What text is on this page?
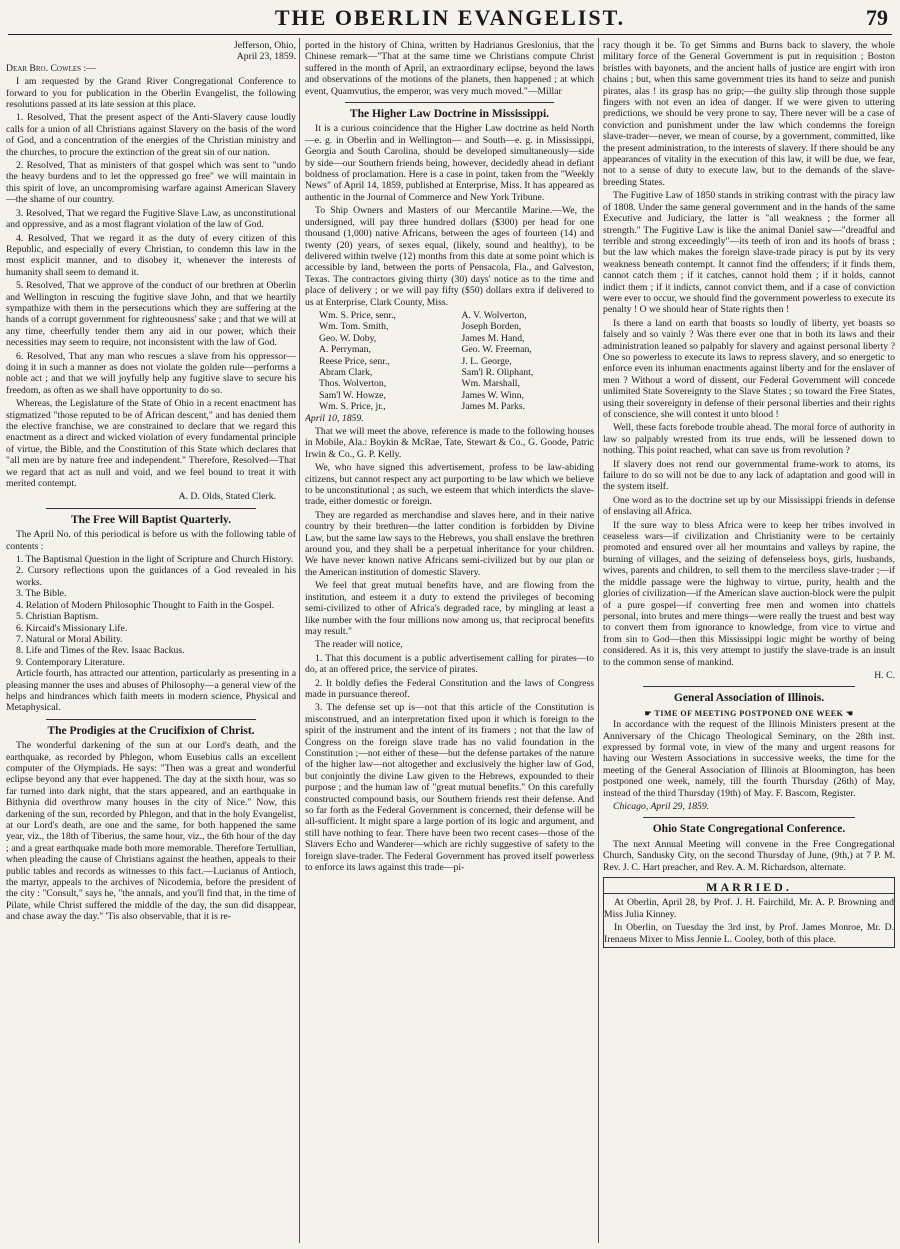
THE OBERLIN EVANGELIST.	79
Jefferson, Ohio,
April 23, 1859.

Dear Bro. Cowles :—

I am requested by the Grand River Congregational Conference to forward to you for publication in the Oberlin Evangelist, the following resolutions passed at its late session at this place.

1. Resolved, That the present aspect of the Anti-Slavery cause loudly calls for a union of all Christians against Slavery on the basis of the word of God, and a concentration of the energies of the Christian ministry and the churches, to procure the extinction of the great sin of our nation.

2. Resolved, That as ministers of that gospel which was sent to "undo the heavy burdens and to let the oppressed go free" we will maintain in this spirit of love, an uncompromising warfare against American Slavery—the shame of our country.

3. Resolved, That we regard the Fugitive Slave Law, as unconstitutional and oppressive, and as a most flagrant violation of the law of God.

4. Resolved, That we regard it as the duty of every citizen of this Republic, and especially of every Christian, to condemn this law in the most explicit manner, and to disobey it, whenever the interests of humanity shall seem to demand it.

5. Resolved, That we approve of the conduct of our brethren at Oberlin and Wellington in rescuing the fugitive slave John, and that we heartily sympathize with them in the persecutions which they are suffering at the hands of a corrupt government for righteousness' sake ; and that we will at any time, cheerfully tender them any aid in our power, which their necessities may seem to require, not inconsistent with the law of God.

6. Resolved, That any man who rescues a slave from his oppressor—doing it in such a manner as does not violate the golden rule—performs a noble act ; and that we will joyfully help any fugitive slave to secure his freedom, as often as we shall have opportunity to do so.

Whereas, the Legislature of the State of Ohio in a recent enactment has stigmatized "those reputed to be of African descent," and has denied them the elective franchise, we are constrained to declare that we regard this enactment as a direct and wicked violation of every fundamental principle of virtue, the Bible, and the Constitution of this State which declares that "all men are by nature free and independent." Therefore, Resolved—That we regard that act as null and void, and we feel bound to treat it with merited contempt.

A. D. Olds, Stated Clerk.
The Free Will Baptist Quarterly.

The April No. of this periodical is before us with the following table of contents :

1. The Baptismal Question in the light of Scripture and Church History.
2. Cursory reflections upon the guidances of a God revealed in his works.
3. The Bible.
4. Relation of Modern Philosophic Thought to Faith in the Gospel.
5. Christian Baptism.
6. Kircaid's Missionary Life.
7. Natural or Moral Ability.
8. Life and Times of the Rev. Isaac Backus.
9. Contemporary Literature.

Article fourth, has attracted our attention, particularly as presenting in a pleasing manner the uses and abuses of Philosophy—a general view of the helps and hindrances which faith meets in modern science, Physical and Metaphysical.

The Prodigies at the Crucifixion of Christ.

The wonderful darkening of the sun at our Lord's death, and the earthquake, as recorded by Phlegon, whom Eusebius calls an excellent computer of the Olympiads. He says: "Then was a great and wonderful eclipse beyond any that ever happened. The day at the sixth hour, was so far turned into dark night, that the stars appeared, and an earthquake in Bithynia did overthrow many houses in the city of Nice." Now, this darkening of the sun, recorded by Phlegon, and that in the holy Evangelist, at our Lord's death, are one and the same, for both happened the same year, viz., the 18th of Tiberius, the same hour, viz., the 6th hour of the day ; and a great earthquake made both more memorable. Therefore Tertullian, when pleading the cause of Christians against the heathen, appeals to their public tables and records as witnesses to this fact.—Lucianus of Antioch, the martyr, appeals to the archives of Nicodemia, before the president of the city : "Consult," says he, "the annals, and you'll find that, in the time of Pilate, while Christ suffered the middle of the day, the sun did disappear, and chase away the day." 'Tis also observable, that it is re-

ported in the history of China, written by Hadrianus Greslonius, that the Chinese remark—"That at the same time we Christians compute Christ suffered in the month of April, an extraordinary eclipse, beyond the laws and observations of the motions of the planets, then happened ; at which event, Quamvutius, the emperor, was very much moved."—Millar

The Higher Law Doctrine in Mississippi.

It is a curious coincidence that the Higher Law doctrine as held North—e. g. in Oberlin and in Wellington— and South—e. g. in Mississippi, Georgia and South Carolina, should be developed simultaneously—side by side—our Southern friends being, however, decidedly ahead in defiant boldness of proclamation. Here is a case in point, taken from the "Weekly News" of April 14, 1859, published at Enterprise, Miss. It has appeared as authentic in the Journal of Commerce and New York Tribune.

To Ship Owners and Masters of our Mercantile Marine.—We, the undersigned, will pay three hundred dollars ($300) per head for one thousand (1,000) native Africans, between the ages of fourteen (14) and twenty (20) years, of sexes equal, (likely, sound and healthy), to be delivered within twelve (12) months from this date at some point which is accessible by land, between the ports of Pensacola, Fla., and Galveston, Texas. The contractors giving thirty (30) days' notice as to the time and place of delivery ; or we will pay fifty ($50) dollars extra if delivered to us at Enterprise, Clark County, Miss.

Wm. S. Price, senr.,
Wm. Tom. Smith,
Geo. W. Doby,
A. Perryman,
Reese Price, senr.,
Abram Clark,
Thos. Wolverton,
Sam'l W. Howze,
Wm. S. Price, jr.,
A. V. Wolverton,
Joseph Borden,
James M. Hand,
Geo. W. Freeman,
J. L. George,
Sam'l R. Oliphant,
Wm. Marshall,
James W. Winn,
James M. Parks.

April 10, 1859.

That we will meet the above, reference is made to the following houses in Mobile, Ala.: Boykin & McRae, Tate, Stewart & Co., G. Goode, Patric Irwin & Co., G. P. Kelly.

We, who have signed this advertisement, profess to be law-abiding citizens, but cannot respect any act purporting to be law which we believe to be unconstitutional ; as such, we esteem that which interdicts the slave-trade, either domestic or foreign.

They are regarded as merchandise and slaves here, and in their native country by their brethren—the latter condition is forbidden by Divine Law, but the same law says to the Hebrews, you shall enslave the brethren around you, and they shall be a perpetual inheritance for your children. We have never known native Africans semi-civilized but by our plan or the American institution of domestic Slavery.

We feel that great mutual benefits have, and are flowing from the institution, and esteem it a duty to extend the privileges of becoming semi-civilized to other of Africa's degraded race, by mingling at least a like number with the four millions now among us, that reciprocal benefits may result."

The reader will notice,

1. That this document is a public advertisement calling for pirates—to do, at an offered price, the service of pirates.

2. It boldly defies the Federal Constitution and the laws of Congress made in pursuance thereof.

3. The defense set up is—not that this article of the Constitution is misconstrued, and an interpretation fixed upon it which is foreign to the spirit of the instrument and the intent of its framers ; not that the law of Congress on the foreign slave trade has no valid foundation in the Constitution ;—not either of these—but the defense partakes of the nature of the higher law—not altogether and exclusively the higher law of God, but conjointly the divine Law given to the Hebrews, expounded to their purpose ; and the human law of "great mutual benefits." On this carefully constructed compound basis, our Southern friends rest their defense. And so far forth as the Federal Government is concerned, their defense will be all-sufficient. It might spare a large portion of its logic and argument, and still have nothing to fear. There have been two recent cases—those of the Slavers Echo and Wanderer—which are richly suggestive of safety to the foreign slave-trader. The Federal Government has proved itself powerless to enforce its laws against this trade—pi-

racy though it be. To get Simms and Burns back to slavery, the whole military force of the General Government is put in requisition ; Boston bristles with bayonets, and the ancient halls of justice are engirt with iron chains ; but, when this same government tries its hand to seize and punish pirates, alas ! its grasp has no grip;—the guilty slip through those supple fingers with not even an idea of danger. If we were given to uttering predictions, we should be very prone to say, There never will be a case of conviction and punishment under the law which condemns the foreign slave-trader—never, we mean of course, by a government, committed, like the present administration, to the interests of slavery. If there should be any appearances of vitality in the execution of this law, it will be due, we fear, not to a sense of duty to execute law, but to the demands of the slave-breeding States.

The Fugitive Law of 1850 stands in striking contrast with the piracy law of 1808. Under the same general government and in the hands of the same Executive and Judiciary, the latter is "all weakness ; the former all strength." The Fugitive Law is like the animal Daniel saw—"dreadful and terrible and strong exceedingly"—its teeth of iron and its hoofs of brass ; but the law which makes the foreign slave-trade piracy is put by its very weakness beneath contempt. It cannot find the offenders; if it finds them, cannot catch them ; if it catches, cannot hold them ; if it holds, cannot indict them ; if it indicts, cannot convict them, and if a case of conviction were ever to occur, we should find the government powerless to execute its penalty ! O we should hear of State rights then !

Is there a land on earth that boasts so loudly of liberty, yet boasts so falsely and so vainly ? Was there ever one that in both its laws and their administration leaned so palpably for slavery and against personal liberty ? One so powerless to execute its laws to repress slavery, and so energetic to enforce even its inhuman enactments against liberty and for the enslaver of men ? Without a word of dissent, our Federal Government will concede unlimited State Sovereignty to the Slave States ; so toward the Free States, using their sovereignty in defense of their personal liberties and their rights of conscience, she will contest it unto blood !

Well, these facts forebode trouble ahead. The moral force of authority in law so palpably wrested from its true ends, will be lessened down to nothing. This point reached, what can save us from revolution ?

If slavery does not rend our governmental frame-work to atoms, its failure to do so will not be due to any lack of adaptation and good will in the system itself.

One word as to the doctrine set up by our Mississippi friends in defense of enslaving all Africa.

If the sure way to bless Africa were to keep her tribes involved in ceaseless wars—if civilization and Christianity were to be certainly promoted and ensured over all her mountains and valleys by rapine, the burning of villages, and the seizing of defenseless boys, girls, husbands, wives, parents and children, to sell them to the merciless slave-trader ;—if the middle passage were the highway to virtue, purity, health and the glories of civilization—if the American slave auction-block were the pulpit of a pure gospel—if converting free men and women into chattels personal, into brutes and mere things—were really the truest and best way to convert them from ignorance to knowledge, from vice to virtue and from sin to God—then this Mississippi logic might be worthy of being considered. As it is, this very attempt to justify the slave-trade is an insult to the common sense of mankind.

H. C.
General Association of Illinois.
☛ TIME OF MEETING POSTPONED ONE WEEK ☚

In accordance with the request of the Illinois Ministers present at the Anniversary of the Chicago Theological Seminary, on the 28th inst. expressed by formal vote, in view of the many and urgent reasons for having our Western Associations in successive weeks, the time for the meeting of the General Association of Illinois at Bloomington, has been postponed one week, namely, till the fourth Thursday (26th) of May, instead of the third Thursday (19th) of May. F. Bascom, Register.

Chicago, April 29, 1859.

Ohio State Congregational Conference.

The next Annual Meeting will convene in the Free Congregational Church, Sandusky City, on the second Thursday of June, (9th,) at 7 P. M. Rev. J. C. Hart preacher, and Rev. A. M. Richardson, alternate.

MARRIED.

At Oberlin, April 28, by Prof. J. H. Fairchild, Mr. A. P. Browning and Miss Julia Kinney.

In Oberlin, on Tuesday the 3rd inst, by Prof. James Monroe, Mr. D. Irenaeus Mixer to Miss Jennie L. Cooley, both of this place.
